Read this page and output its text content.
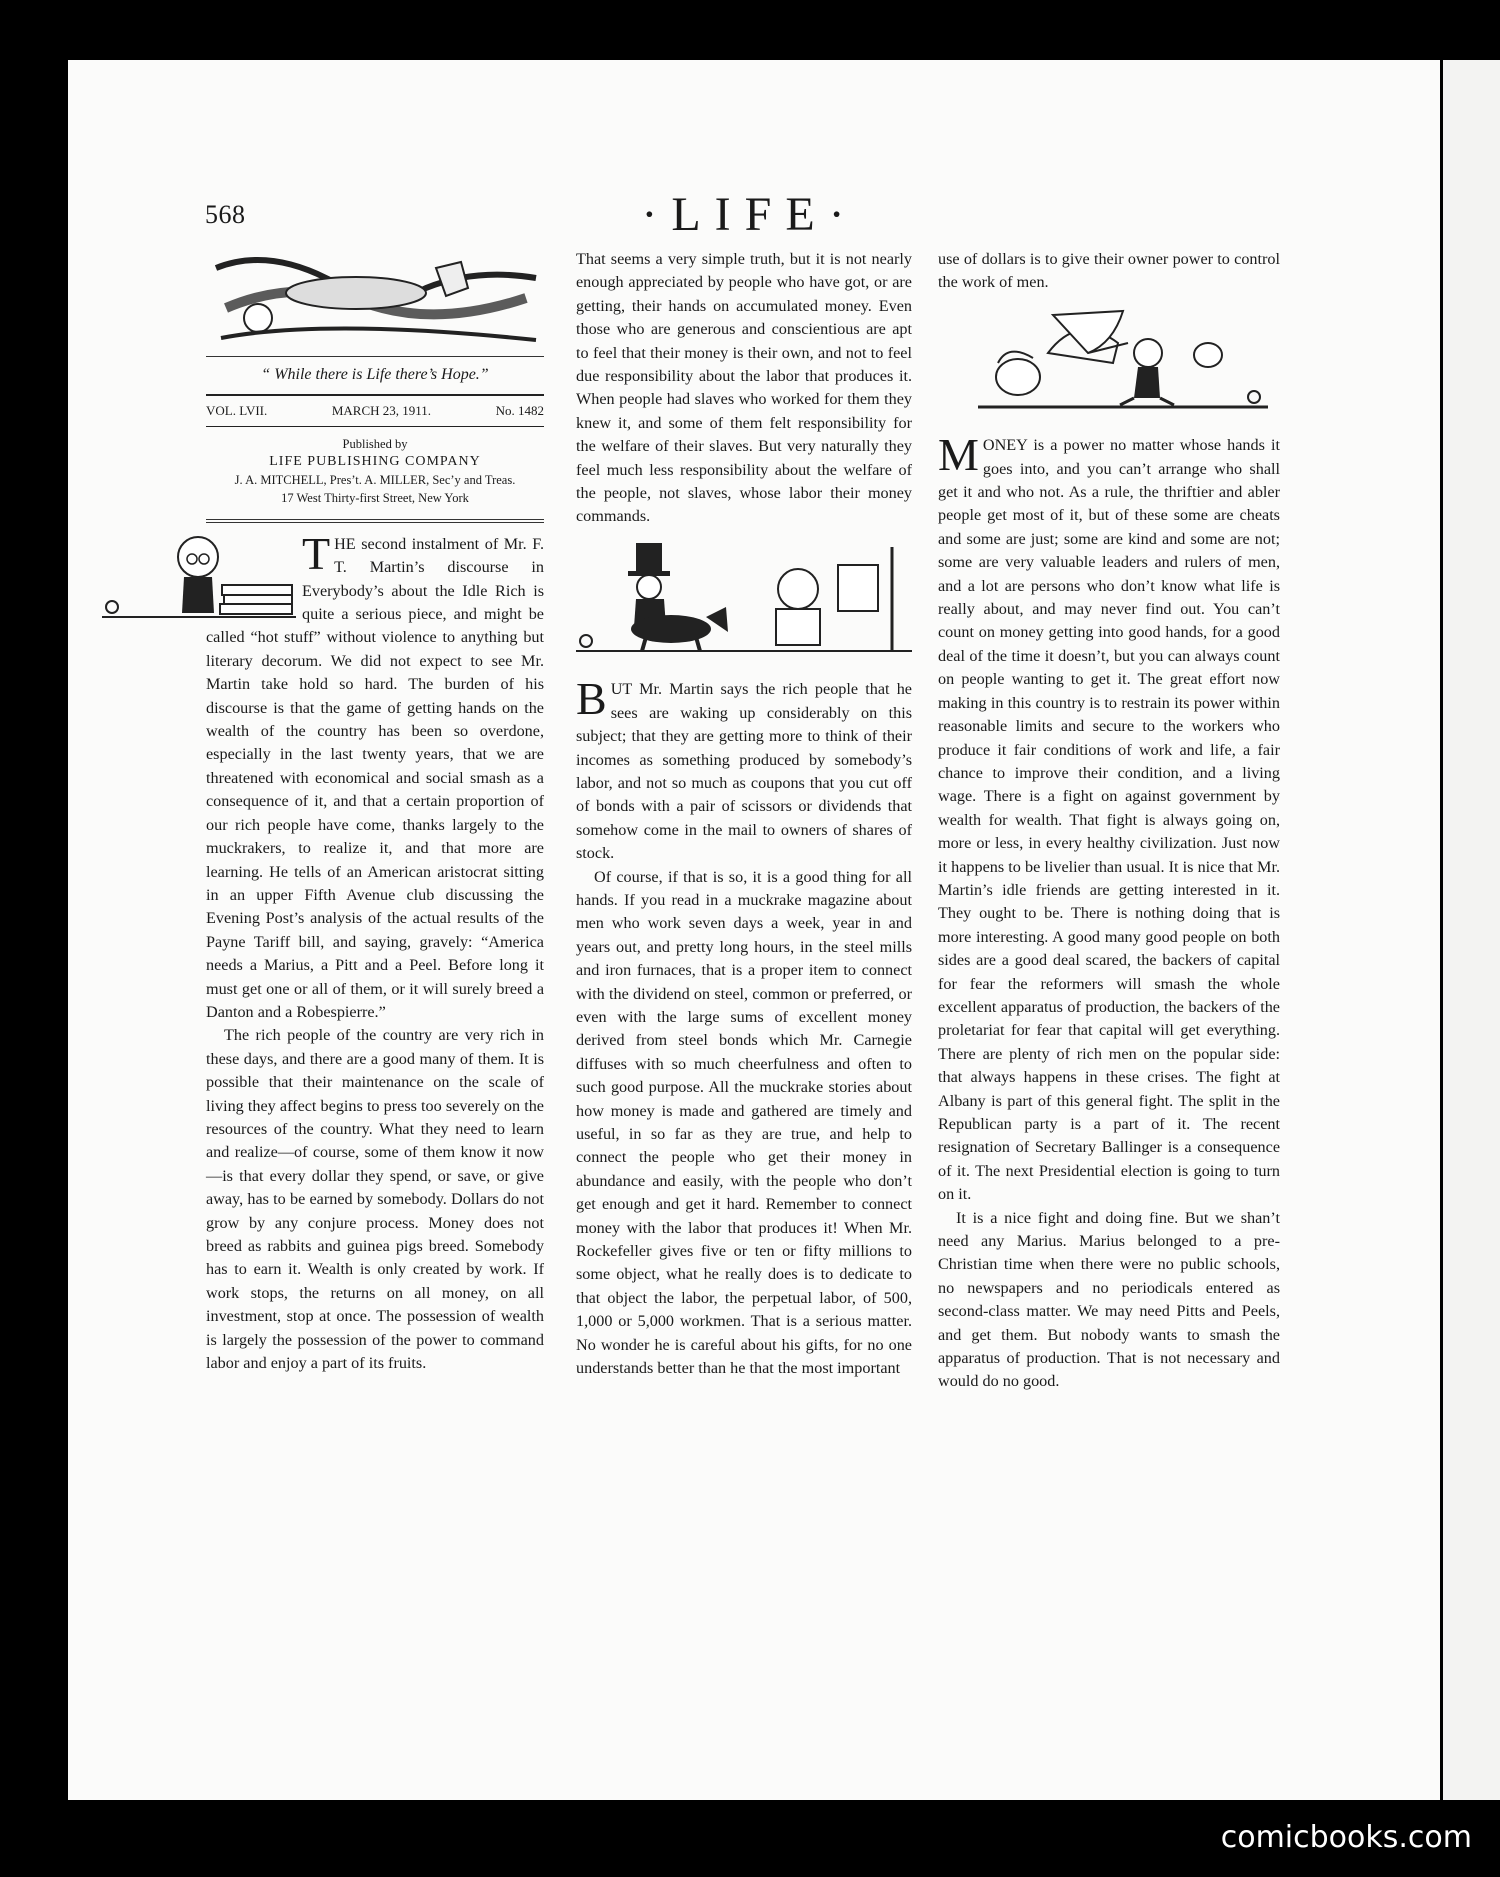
568	·LIFE·
“ While there is Life there’s Hope.”
VOL. LVII.	MARCH 23, 1911.	No. 1482
Published by
LIFE PUBLISHING COMPANY
J. A. MITCHELL, Pres’t. A. MILLER, Sec’y and Treas.
17 West Thirty-first Street, New York

THE second instalment of Mr. F. T. Martin’s discourse in Everybody’s about the Idle Rich is quite a serious piece, and might be called “hot stuff” without violence to anything but literary decorum. We did not expect to see Mr. Martin take hold so hard. The burden of his discourse is that the game of getting hands on the wealth of the country has been so overdone, especially in the last twenty years, that we are threatened with economical and social smash as a consequence of it, and that a certain proportion of our rich people have come, thanks largely to the muckrakers, to realize it, and that more are learning. He tells of an American aristocrat sitting in an upper Fifth Avenue club discussing the Evening Post’s analysis of the actual results of the Payne Tariff bill, and saying, gravely: “America needs a Marius, a Pitt and a Peel. Before long it must get one or all of them, or it will surely breed a Danton and a Robespierre.”

The rich people of the country are very rich in these days, and there are a good many of them. It is possible that their maintenance on the scale of living they affect begins to press too severely on the resources of the country. What they need to learn and realize—of course, some of them know it now—is that every dollar they spend, or save, or give away, has to be earned by somebody. Dollars do not grow by any conjure process. Money does not breed as rabbits and guinea pigs breed. Somebody has to earn it. Wealth is only created by work. If work stops, the returns on all money, on all investment, stop at once. The possession of wealth is largely the possession of the power to command labor and enjoy a part of its fruits.

That seems a very simple truth, but it is not nearly enough appreciated by people who have got, or are getting, their hands on accumulated money. Even those who are generous and conscientious are apt to feel that their money is their own, and not to feel due responsibility about the labor that produces it. When people had slaves who worked for them they knew it, and some of them felt responsibility for the welfare of their slaves. But very naturally they feel much less responsibility about the welfare of the people, not slaves, whose labor their money commands.

BUT Mr. Martin says the rich people that he sees are waking up considerably on this subject; that they are getting more to think of their incomes as something produced by somebody’s labor, and not so much as coupons that you cut off of bonds with a pair of scissors or dividends that somehow come in the mail to owners of shares of stock.

Of course, if that is so, it is a good thing for all hands. If you read in a muckrake magazine about men who work seven days a week, year in and years out, and pretty long hours, in the steel mills and iron furnaces, that is a proper item to connect with the dividend on steel, common or preferred, or even with the large sums of excellent money derived from steel bonds which Mr. Carnegie diffuses with so much cheerfulness and often to such good purpose. All the muckrake stories about how money is made and gathered are timely and useful, in so far as they are true, and help to connect the people who get their money in abundance and easily, with the people who don’t get enough and get it hard. Remember to connect money with the labor that produces it! When Mr. Rockefeller gives five or ten or fifty millions to some object, what he really does is to dedicate to that object the labor, the perpetual labor, of 500, 1,000 or 5,000 workmen. That is a serious matter. No wonder he is careful about his gifts, for no one understands better than he that the most important

use of dollars is to give their owner power to control the work of men.

MONEY is a power no matter whose hands it goes into, and you can’t arrange who shall get it and who not. As a rule, the thriftier and abler people get most of it, but of these some are cheats and some are just; some are kind and some are not; some are very valuable leaders and rulers of men, and a lot are persons who don’t know what life is really about, and may never find out. You can’t count on money getting into good hands, for a good deal of the time it doesn’t, but you can always count on people wanting to get it. The great effort now making in this country is to restrain its power within reasonable limits and secure to the workers who produce it fair conditions of work and life, a fair chance to improve their condition, and a living wage. There is a fight on against government by wealth for wealth. That fight is always going on, more or less, in every healthy civilization. Just now it happens to be livelier than usual. It is nice that Mr. Martin’s idle friends are getting interested in it. They ought to be. There is nothing doing that is more interesting. A good many good people on both sides are a good deal scared, the backers of capital for fear the reformers will smash the whole excellent apparatus of production, the backers of the proletariat for fear that capital will get everything. There are plenty of rich men on the popular side: that always happens in these crises. The fight at Albany is part of this general fight. The split in the Republican party is a part of it. The recent resignation of Secretary Ballinger is a consequence of it. The next Presidential election is going to turn on it.

It is a nice fight and doing fine. But we shan’t need any Marius. Marius belonged to a pre-Christian time when there were no public schools, no newspapers and no periodicals entered as second-class matter. We may need Pitts and Peels, and get them. But nobody wants to smash the apparatus of production. That is not necessary and would do no good.

comicbooks.com
